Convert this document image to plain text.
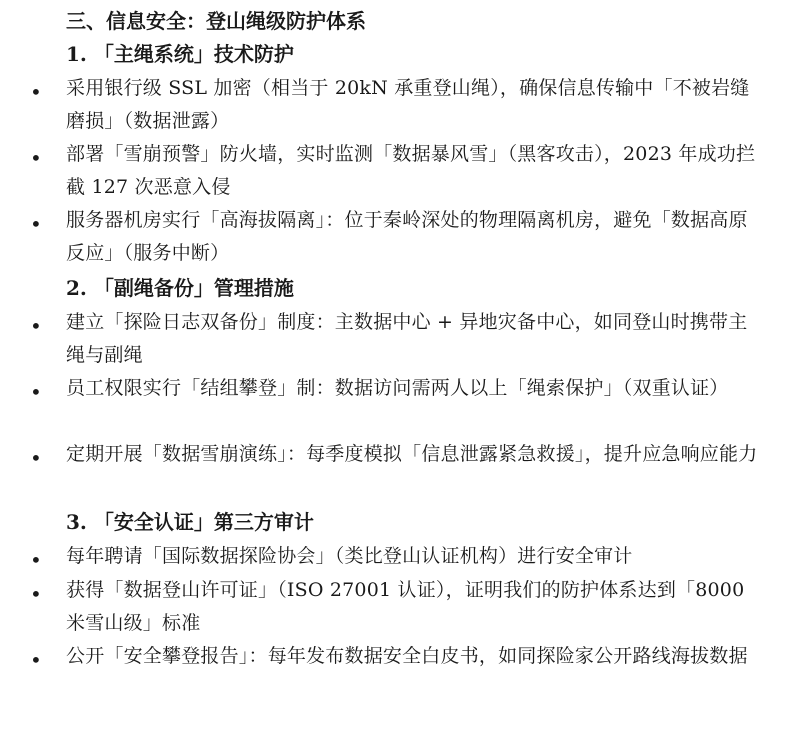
三、信息安全：登山绳级防护体系
1. 「主绳系统」技术防护
• 采用银行级 SSL 加密（相当于 20kN 承重登山绳），确保信息传输中「不被岩缝磨损」（数据泄露）
• 部署「雪崩预警」防火墙，实时监测「数据暴风雪」（黑客攻击），2023 年成功拦截 127 次恶意入侵
• 服务器机房实行「高海拔隔离」：位于秦岭深处的物理隔离机房，避免「数据高原反应」（服务中断）
2. 「副绳备份」管理措施
• 建立「探险日志双备份」制度：主数据中心 + 异地灾备中心，如同登山时携带主绳与副绳
• 员工权限实行「结组攀登」制：数据访问需两人以上「绳索保护」（双重认证）
• 定期开展「数据雪崩演练」：每季度模拟「信息泄露紧急救援」，提升应急响应能力
3. 「安全认证」第三方审计
• 每年聘请「国际数据探险协会」（类比登山认证机构）进行安全审计
• 获得「数据登山许可证」（ISO 27001 认证），证明我们的防护体系达到「8000 米雪山级」标准
• 公开「安全攀登报告」：每年发布数据安全白皮书，如同探险家公开路线海拔数据
